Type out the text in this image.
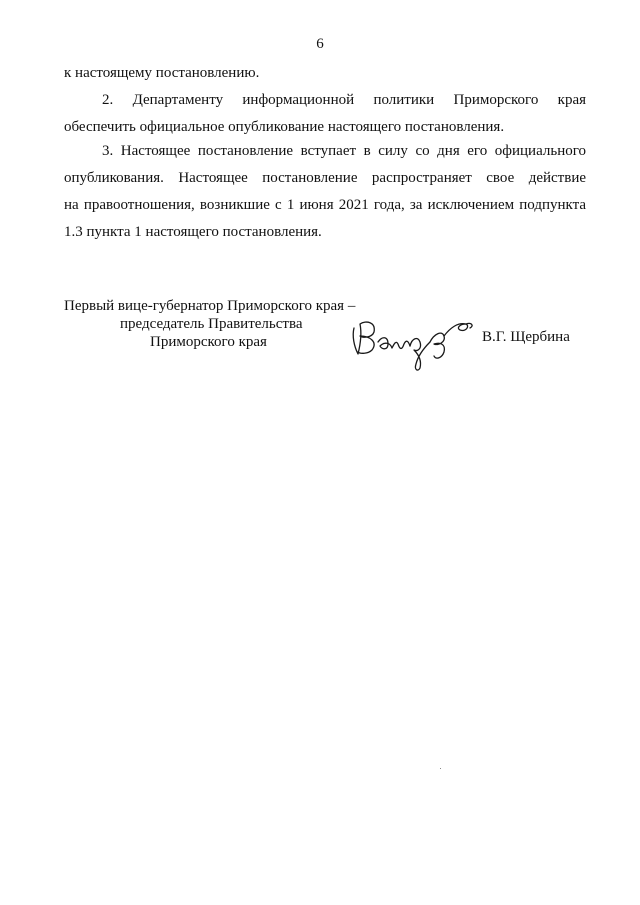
6

к настоящему постановлению.

2. Департаменту информационной политики Приморского края
обеспечить официальное опубликование настоящего постановления.

3. Настоящее постановление вступает в силу со дня его официального
опубликования. Настоящее постановление распространяет свое действие
на правоотношения, возникшие с 1 июня 2021 года, за исключением подпункта
1.3 пункта 1 настоящего постановления.

Первый вице-губернатор Приморского края –
председатель Правительства
Приморского края	В.Г. Щербина
